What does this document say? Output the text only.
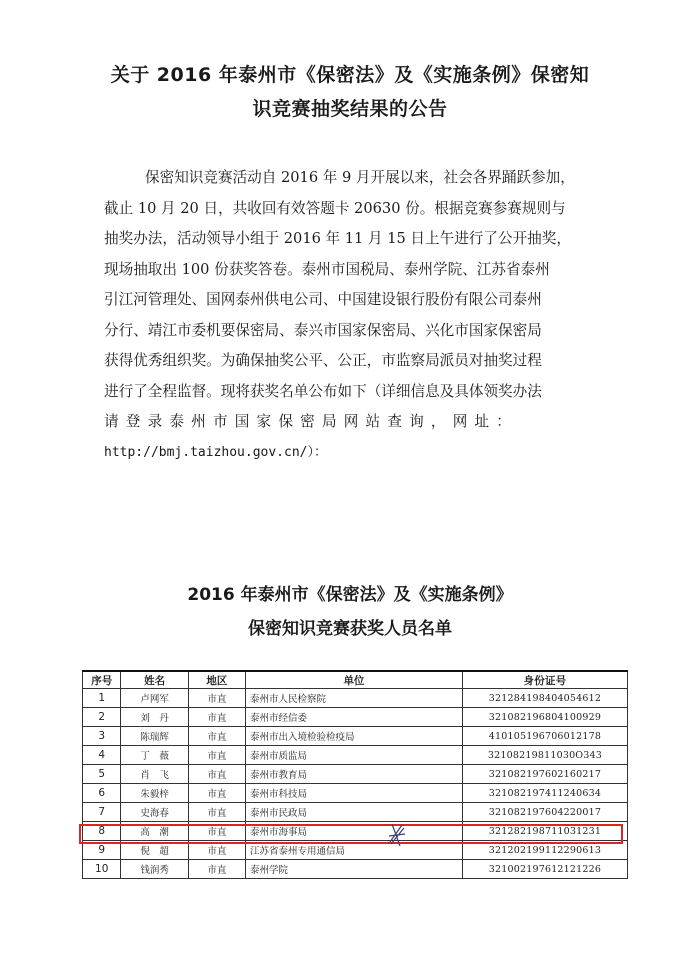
关于 2016 年泰州市《保密法》及《实施条例》保密知
识竞赛抽奖结果的公告

保密知识竞赛活动自 2016 年 9 月开展以来，社会各界踊跃参加，
截止 10 月 20 日，共收回有效答题卡 20630 份。根据竞赛参赛规则与
抽奖办法，活动领导小组于 2016 年 11 月 15 日上午进行了公开抽奖，
现场抽取出 100 份获奖答卷。泰州市国税局、泰州学院、江苏省泰州
引江河管理处、国网泰州供电公司、中国建设银行股份有限公司泰州
分行、靖江市委机要保密局、泰兴市国家保密局、兴化市国家保密局
获得优秀组织奖。为确保抽奖公平、公正，市监察局派员对抽奖过程
进行了全程监督。现将获奖名单公布如下（详细信息及具体领奖办法
请登录泰州市国家保密局网站查询，网址：
http://bmj.taizhou.gov.cn/）：

2016 年泰州市《保密法》及《实施条例》
保密知识竞赛获奖人员名单
序号	姓名	地区	单位	身份证号
1	卢网军	市直	泰州市人民检察院	321284198404054612
2	刘　丹	市直	泰州市经信委	321082196804100929
3	陈瑞辉	市直	泰州市出入境检验检疫局	410105196706012178
4	丁　薇	市直	泰州市质监局	32108219811030O343
5	肖　飞	市直	泰州市教育局	321082197602160217
6	朱毅梓	市直	泰州市科技局	321082197411240634
7	史海春	市直	泰州市民政局	321082197604220017
8	高　潮	市直	泰州市海事局	321282198711031231
9	倪　超	市直	江苏省泰州专用通信局	321202199112290613
10	钱润秀	市直	泰州学院	321002197612121226
